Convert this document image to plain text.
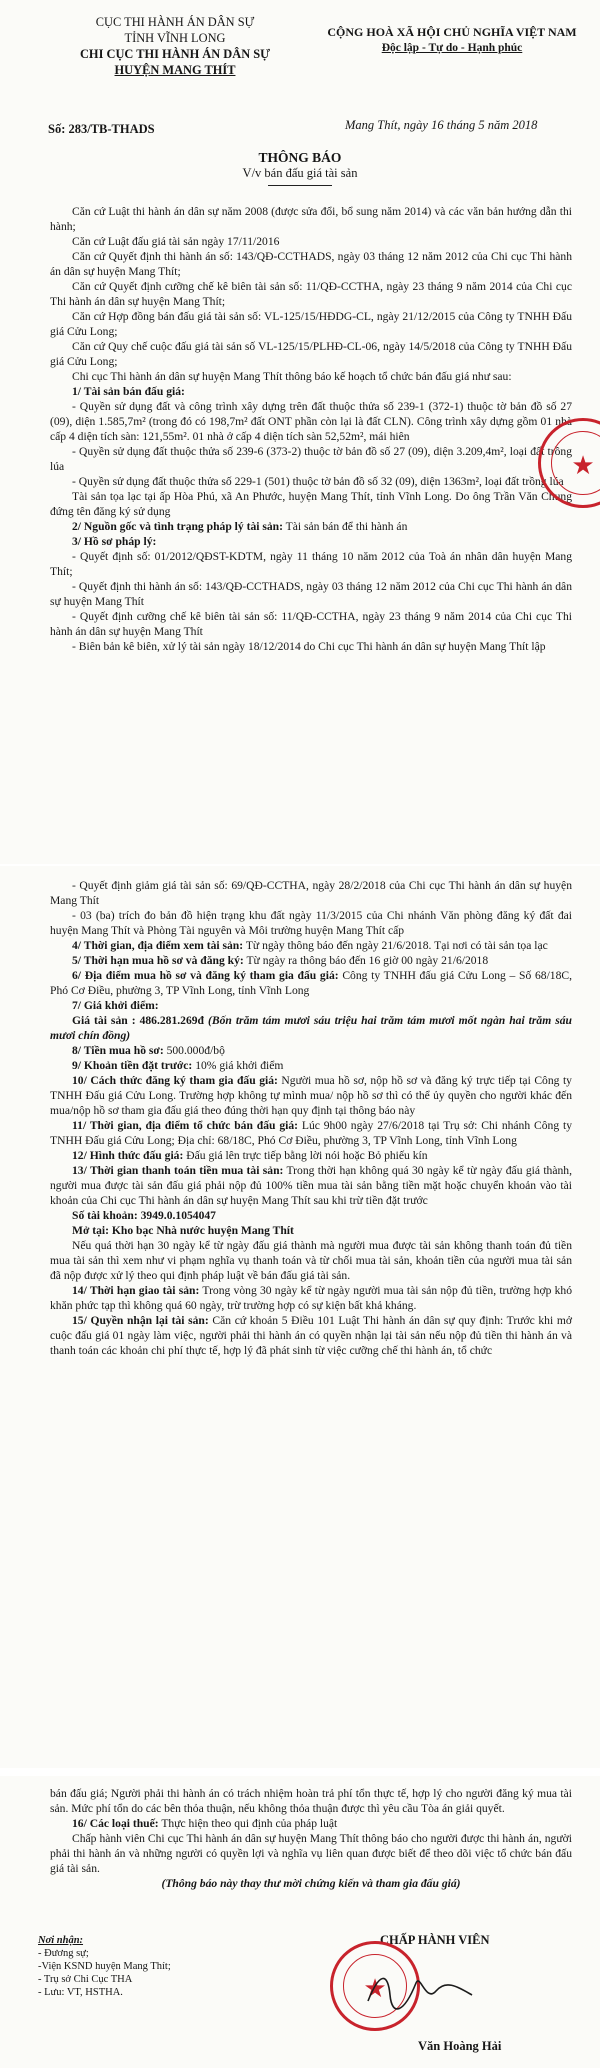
CỤC THI HÀNH ÁN DÂN SỰ
TỈNH VĨNH LONG
CHI CỤC THI HÀNH ÁN DÂN SỰ
HUYỆN MANG THÍT
CỘNG HOÀ XÃ HỘI CHỦ NGHĨA VIỆT NAM
Độc lập - Tự do - Hạnh phúc
Số: 283/TB-THADS	Mang Thít, ngày 16 tháng 5 năm 2018
THÔNG BÁO
V/v bán đấu giá tài sản

Căn cứ Luật thi hành án dân sự năm 2008 (được sửa đổi, bổ sung năm 2014) và các văn bản hướng dẫn thi hành;

Căn cứ Luật đấu giá tài sản ngày 17/11/2016

Căn cứ Quyết định thi hành án số: 143/QĐ-CCTHADS, ngày 03 tháng 12 năm 2012 của Chi cục Thi hành án dân sự huyện Mang Thít;

Căn cứ Quyết định cưỡng chế kê biên tài sản số: 11/QĐ-CCTHA, ngày 23 tháng 9 năm 2014 của Chi cục Thi hành án dân sự huyện Mang Thít;

Căn cứ Hợp đồng bán đấu giá tài sản số: VL-125/15/HĐDG-CL, ngày 21/12/2015 của Công ty TNHH Đấu giá Cửu Long;

Căn cứ Quy chế cuộc đấu giá tài sản số VL-125/15/PLHĐ-CL-06, ngày 14/5/2018 của Công ty TNHH Đấu giá Cửu Long;

Chi cục Thi hành án dân sự huyện Mang Thít thông báo kế hoạch tổ chức bán đấu giá như sau:

1/ Tài sản bán đấu giá:

- Quyền sử dụng đất và công trình xây dựng trên đất thuộc thửa số 239-1 (372-1) thuộc tờ bản đồ số 27 (09), diện 1.585,7m² (trong đó có 198,7m² đất ONT phần còn lại là đất CLN). Công trình xây dựng gồm 01 nhà cấp 4 diện tích sàn: 121,55m². 01 nhà ở cấp 4 diện tích sàn 52,52m², mái hiên

- Quyền sử dụng đất thuộc thửa số 239-6 (373-2) thuộc tờ bản đồ số 27 (09), diện 3.209,4m², loại đất trồng lúa

- Quyền sử dụng đất thuộc thửa số 229-1 (501) thuộc tờ bản đồ số 32 (09), diện 1363m², loại đất trồng lúa

Tài sản tọa lạc tại ấp Hòa Phú, xã An Phước, huyện Mang Thít, tỉnh Vĩnh Long. Do ông Trần Văn Chung đứng tên đăng ký sử dụng

2/ Nguồn gốc và tình trạng pháp lý tài sản: Tài sản bán để thi hành án

3/ Hồ sơ pháp lý:

- Quyết định số: 01/2012/QĐST-KDTM, ngày 11 tháng 10 năm 2012 của Toà án nhân dân huyện Mang Thít;

- Quyết định thi hành án số: 143/QĐ-CCTHADS, ngày 03 tháng 12 năm 2012 của Chi cục Thi hành án dân sự huyện Mang Thít

- Quyết định cưỡng chế kê biên tài sản số: 11/QĐ-CCTHA, ngày 23 tháng 9 năm 2014 của Chi cục Thi hành án dân sự huyện Mang Thít

- Biên bản kê biên, xử lý tài sản ngày 18/12/2014 do Chi cục Thi hành án dân sự huyện Mang Thít lập

★

- Quyết định giảm giá tài sản số: 69/QĐ-CCTHA, ngày 28/2/2018 của Chi cục Thi hành án dân sự huyện Mang Thít

- 03 (ba) trích đo bản đồ hiện trạng khu đất ngày 11/3/2015 của Chi nhánh Văn phòng đăng ký đất đai huyện Mang Thít và Phòng Tài nguyên và Môi trường huyện Mang Thít cấp

4/ Thời gian, địa điểm xem tài sản: Từ ngày thông báo đến ngày 21/6/2018. Tại nơi có tài sản tọa lạc

5/ Thời hạn mua hồ sơ và đăng ký: Từ ngày ra thông báo đến 16 giờ 00 ngày 21/6/2018

6/ Địa điểm mua hồ sơ và đăng ký tham gia đấu giá: Công ty TNHH đấu giá Cửu Long – Số 68/18C, Phó Cơ Điều, phường 3, TP Vĩnh Long, tỉnh Vĩnh Long

7/ Giá khởi điểm:

Giá tài sản : 486.281.269đ (Bốn trăm tám mươi sáu triệu hai trăm tám mươi mốt ngàn hai trăm sáu mươi chín đồng)

8/ Tiền mua hồ sơ: 500.000đ/bộ

9/ Khoản tiền đặt trước: 10% giá khởi điểm

10/ Cách thức đăng ký tham gia đấu giá: Người mua hồ sơ, nộp hồ sơ và đăng ký trực tiếp tại Công ty TNHH Đấu giá Cửu Long. Trường hợp không tự mình mua/ nộp hồ sơ thì có thể ủy quyền cho người khác đến mua/nộp hồ sơ tham gia đấu giá theo đúng thời hạn quy định tại thông báo này

11/ Thời gian, địa điểm tổ chức bán đấu giá: Lúc 9h00 ngày 27/6/2018 tại Trụ sở: Chi nhánh Công ty TNHH Đấu giá Cửu Long; Địa chỉ: 68/18C, Phó Cơ Điều, phường 3, TP Vĩnh Long, tỉnh Vĩnh Long

12/ Hình thức đấu giá: Đấu giá lên trực tiếp bằng lời nói hoặc Bỏ phiếu kín

13/ Thời gian thanh toán tiền mua tài sản: Trong thời hạn không quá 30 ngày kể từ ngày đấu giá thành, người mua được tài sản đấu giá phải nộp đủ 100% tiền mua tài sản bằng tiền mặt hoặc chuyển khoản vào tài khoản của Chi cục Thi hành án dân sự huyện Mang Thít sau khi trừ tiền đặt trước

Số tài khoản: 3949.0.1054047

Mở tại: Kho bạc Nhà nước huyện Mang Thít

Nếu quá thời hạn 30 ngày kể từ ngày đấu giá thành mà người mua được tài sản không thanh toán đủ tiền mua tài sản thì xem như vi phạm nghĩa vụ thanh toán và từ chối mua tài sản, khoản tiền của người mua tài sản đã nộp được xử lý theo qui định pháp luật về bán đấu giá tài sản.

14/ Thời hạn giao tài sản: Trong vòng 30 ngày kể từ ngày người mua tài sản nộp đủ tiền, trường hợp khó khăn phức tạp thì không quá 60 ngày, trừ trường hợp có sự kiện bất khả kháng.

15/ Quyền nhận lại tài sản: Căn cứ khoản 5 Điều 101 Luật Thi hành án dân sự quy định: Trước khi mở cuộc đấu giá 01 ngày làm việc, người phải thi hành án có quyền nhận lại tài sản nếu nộp đủ tiền thi hành án và thanh toán các khoản chi phí thực tế, hợp lý đã phát sinh từ việc cưỡng chế thi hành án, tổ chức

bán đấu giá; Người phải thi hành án có trách nhiệm hoàn trả phí tổn thực tế, hợp lý cho người đăng ký mua tài sản. Mức phí tổn do các bên thỏa thuận, nếu không thỏa thuận được thì yêu cầu Tòa án giải quyết.

16/ Các loại thuế: Thực hiện theo qui định của pháp luật

Chấp hành viên Chi cục Thi hành án dân sự huyện Mang Thít thông báo cho người được thi hành án, người phải thi hành án và những người có quyền lợi và nghĩa vụ liên quan được biết để theo dõi việc tổ chức bán đấu giá tài sản.

(Thông báo này thay thư mời chứng kiến và tham gia đấu giá)

Nơi nhận:
- Đương sự;
-Viện KSND huyện Mang Thít;
- Trụ sở Chi Cục THA
- Lưu: VT, HSTHA.
CHẤP HÀNH VIÊN
★
Văn Hoàng Hải
